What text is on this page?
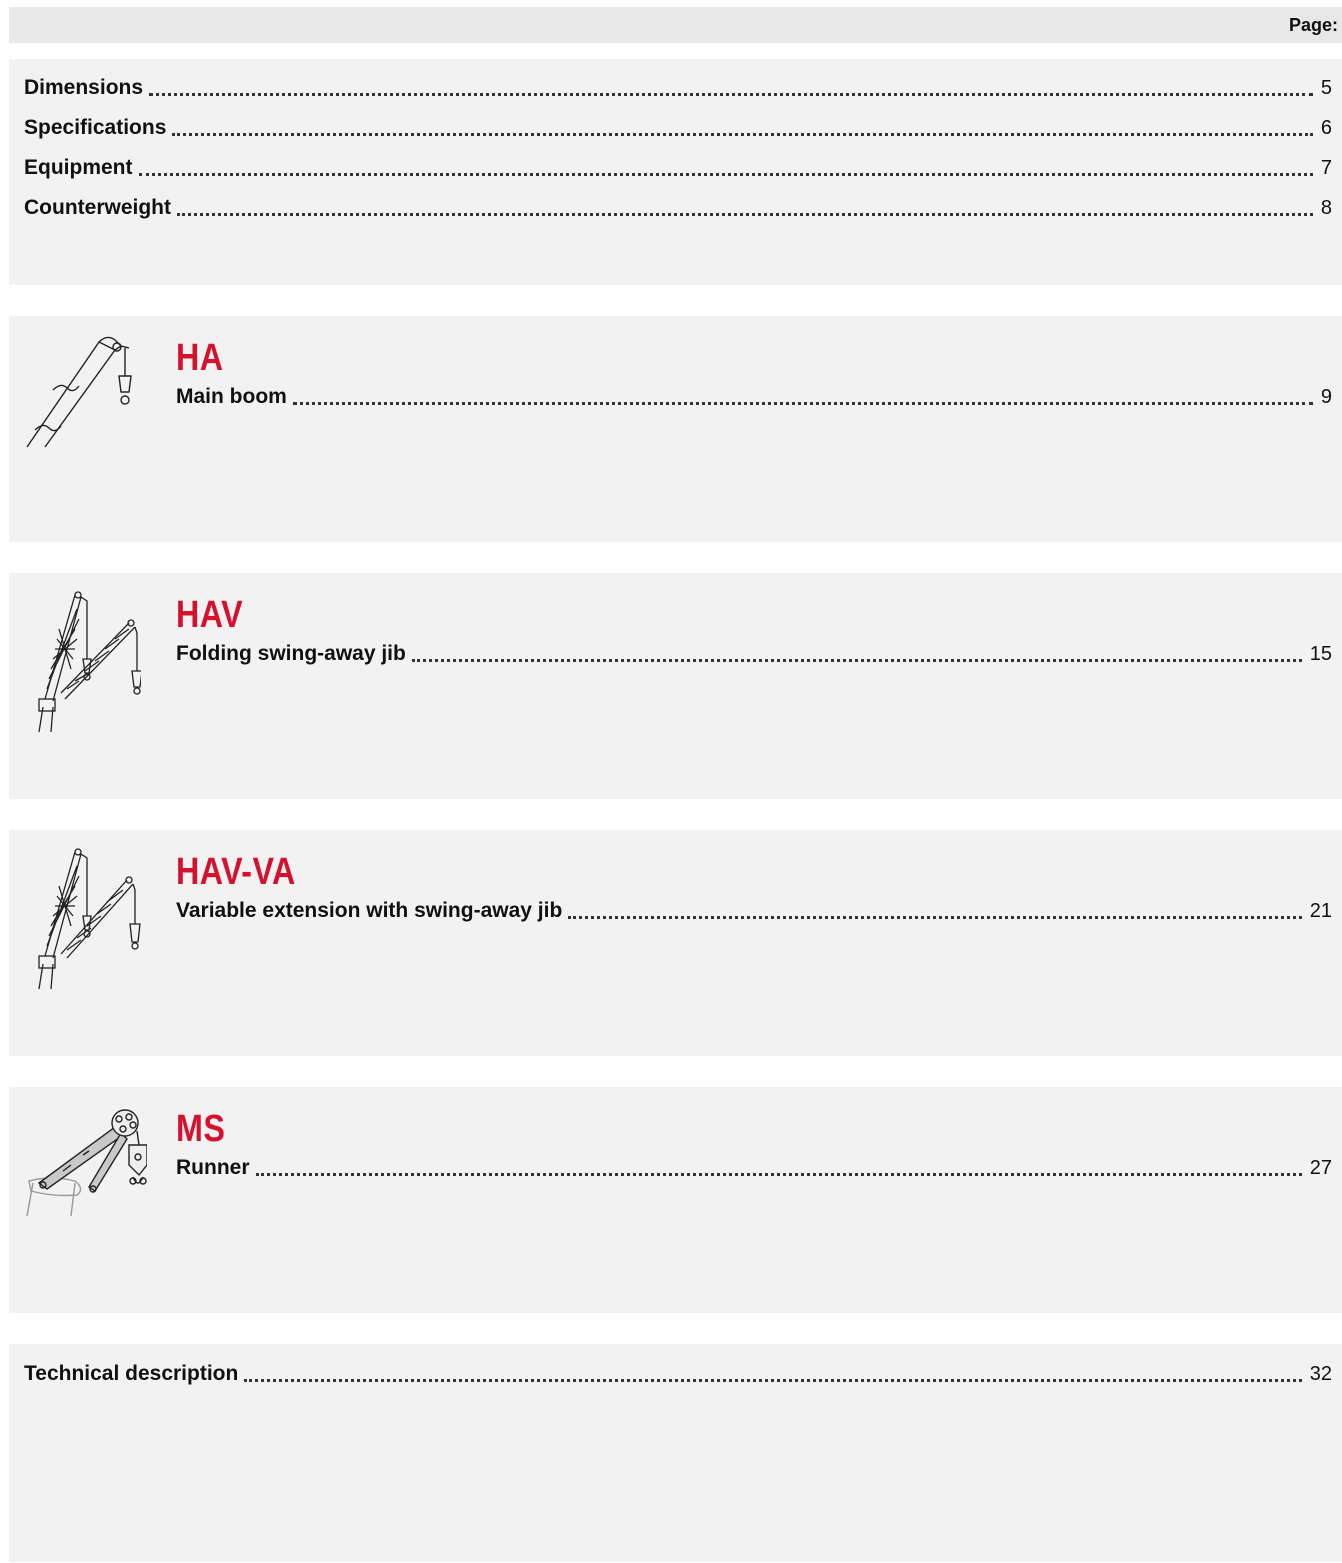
Page:
Dimensions	5
Specifications	6
Equipment	7
Counterweight	8
HA
Main boom	9
HAV
Folding swing-away jib	15
HAV-VA
Variable extension with swing-away jib	21
MS
Runner	27
Technical description	32
